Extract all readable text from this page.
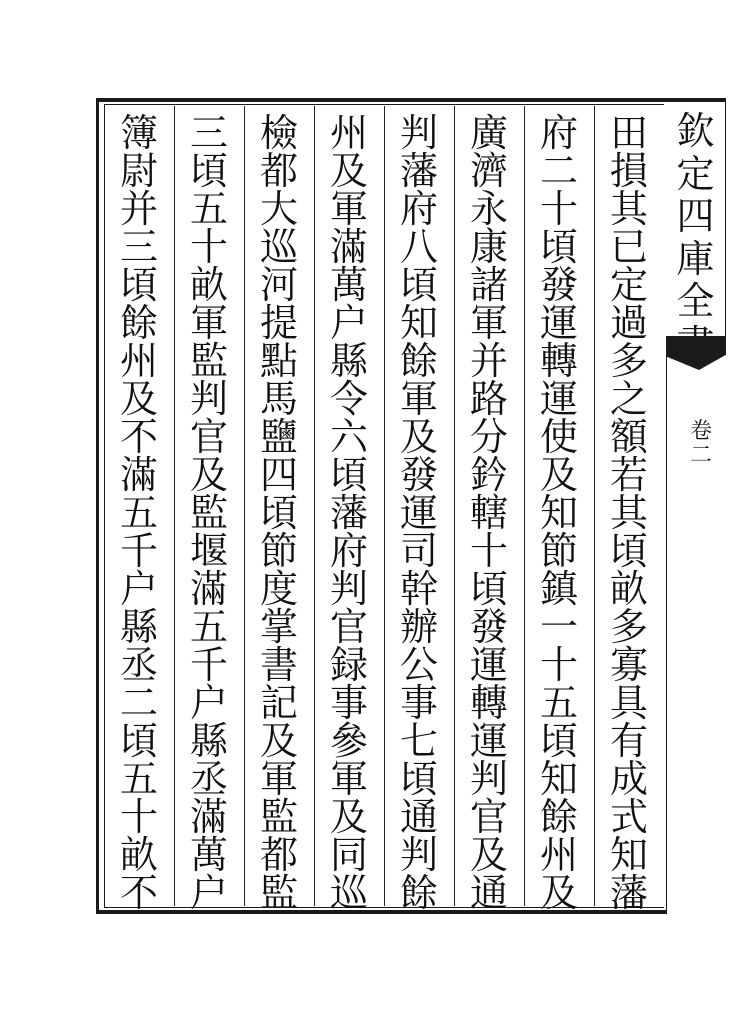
欽
定
四
庫
全
卷
二
田
損
其
已
定
過
多
之
額
若
其
頃
畝
多
寡
具
有
成
式
知
藩
府
二
十
頃
發
運
轉
運
使
及
知
節
鎮
一
十
五
頃
知
餘
州
及
廣
濟
永
康
諸
軍
并
路
分
鈐
轄
十
頃
發
運
轉
運
判
官
及
通
判
藩
府
八
頃
知
餘
軍
及
發
運
司
幹
辦
公
事
七
頃
通
判
餘
州
及
軍
滿
萬
户
縣
令
六
頃
藩
府
判
官
録
事
參
軍
及
同
巡
檢
都
大
巡
河
提
點
馬
鹽
四
頃
節
度
掌
書
記
及
軍
監
都
監
三
頃
五
十
畝
軍
監
判
官
及
監
堰
滿
五
千
户
縣
丞
滿
萬
户
簿
尉
并
三
頃
餘
州
及
不
滿
五
千
户
縣
丞
二
頃
五
十
畝
不
